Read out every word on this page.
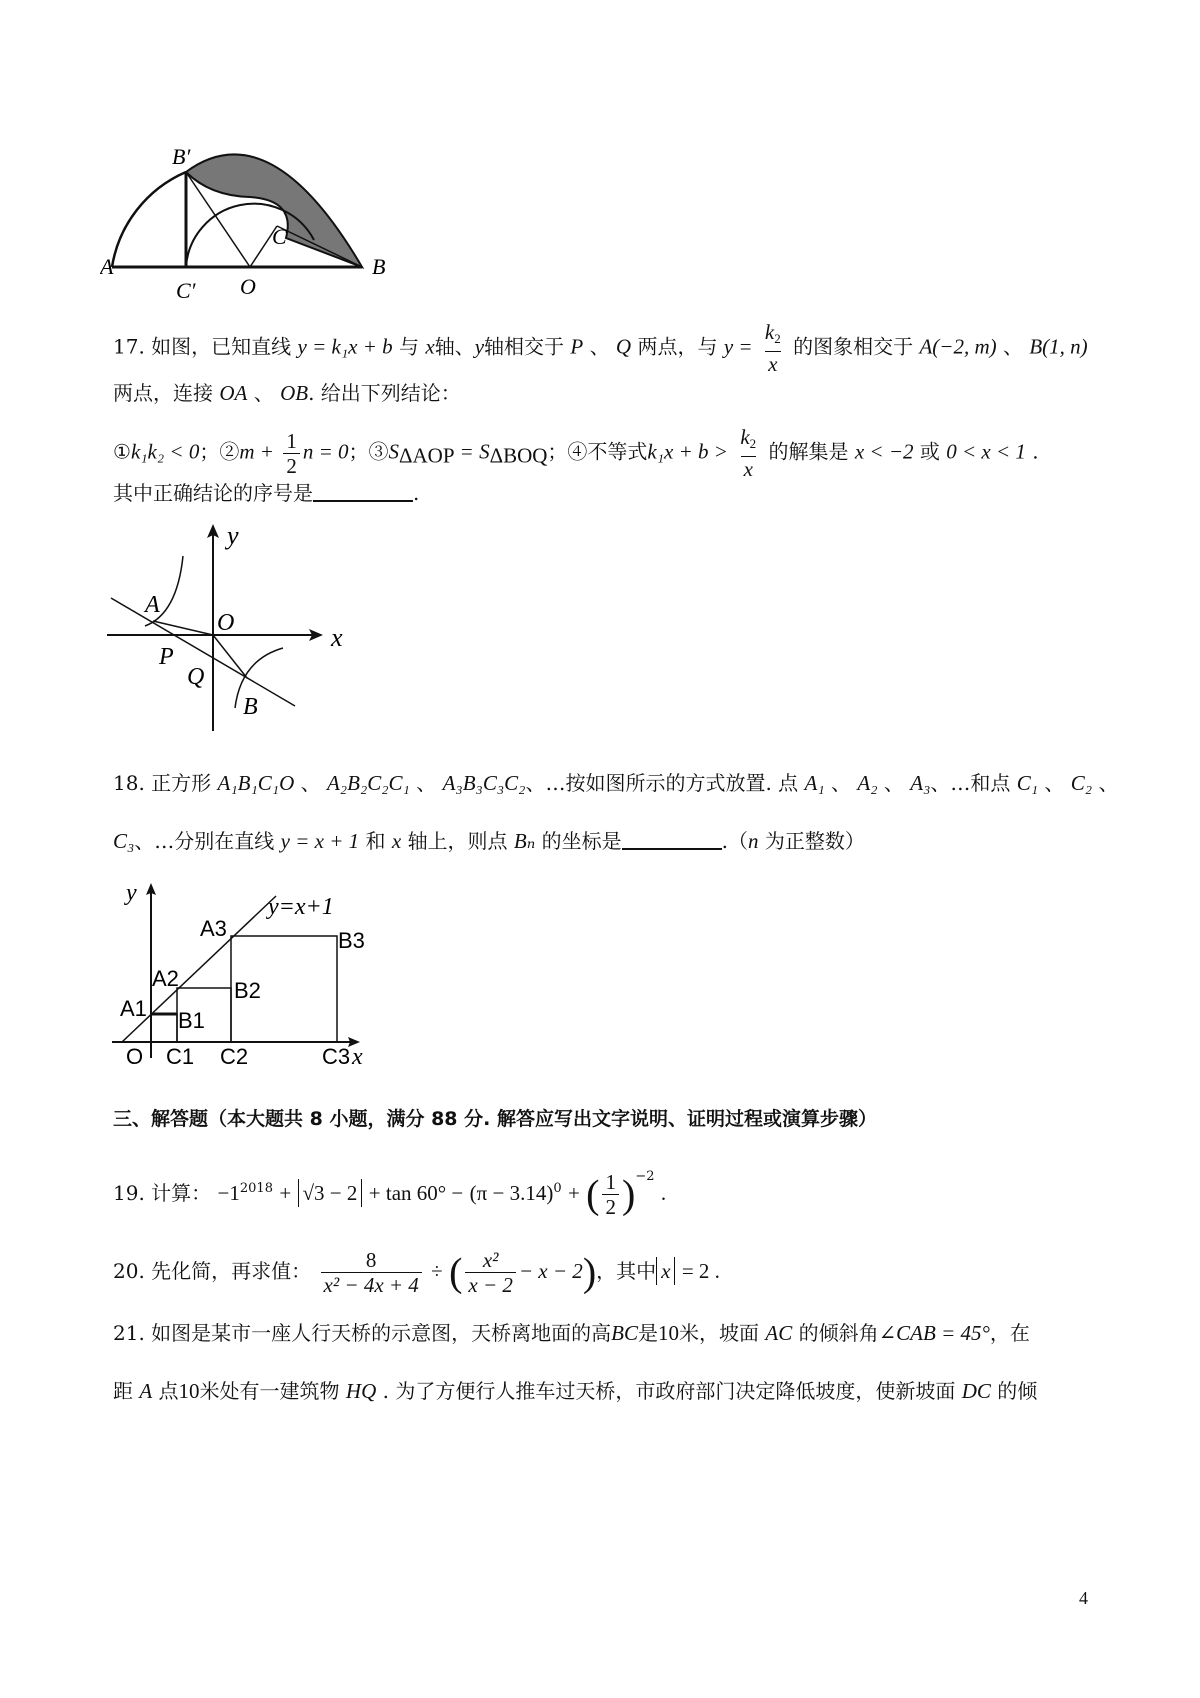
B′
A
C
C′ O
B
17. 如图，已知直线 y = k₁x + b 与 x轴、y轴相交于 P 、 Q 两点，与 $y = \frac{k_2}{x}$ 的图象相交于 A(−2, m) 、 B(1, n)
两点，连接 OA 、 OB. 给出下列结论：
①k₁k₂ < 0；②m + $\frac{1}{2}$ n = 0；$③S_{\Delta AOP} = S_{\Delta BOQ}$；④不等式$k_1x + b > \frac{k_2}{x}$ 的解集是 x < −2 或 0 < x < 1 .
其中正确结论的序号是	.
y
x
A
O
P
Q
B
18. 正方形 A₁B₁C₁O 、 A₂B₂C₂C₁ 、 A₃B₃C₃C₂、…按如图所示的方式放置. 点 A₁ 、 A₂ 、 A₃、…和点 C₁ 、 C₂ 、
C₃、…分别在直线 y = x + 1 和 x 轴上，则点 Bₙ 的坐标是	.（n 为正整数）
y
y=x+1
A3	B3
A2	B2
A1 B1
O C1 C2	C3 x
三、解答题（本大题共 8 小题，满分 88 分. 解答应写出文字说明、证明过程或演算步骤）
19. 计算： $-1^{2018} + √3 - 2 + \tan 60^\circ - (\pi - 3.14)^0$ + ( $\frac{1}{2} )^{-2}$ .
20. 先化简，再求值： $\frac{8}{\text{x² − 4x + 4}}$ ÷ ( $\frac{\text{x²}}{x - 2} - x - 2$)，其中 x = 2 .
21. 如图是某市一座人行天桥的示意图，天桥离地面的高BC是10米，坡面 AC 的倾斜角∠CAB = 45°，在
距 A 点10米处有一建筑物 HQ . 为了方便行人推车过天桥，市政府部门决定降低坡度，使新坡面 DC 的倾
4
